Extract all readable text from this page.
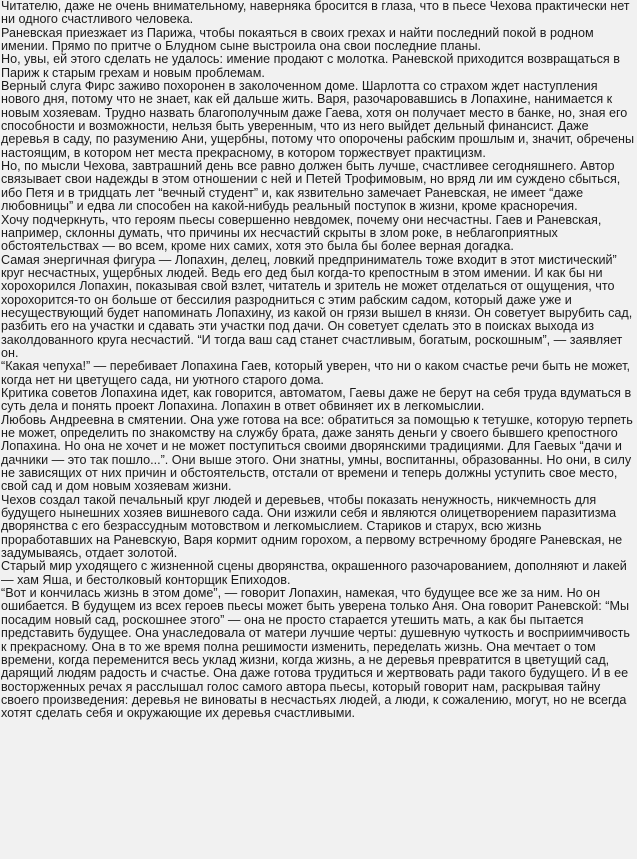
Читателю, даже не очень внимательному, наверняка бросится в глаза, что в пьесе Чехова практически нет ни одного счастливого человека.

Раневская приезжает из Парижа, чтобы покаяться в своих грехах и найти последний покой в родном имении. Прямо по притче о Блудном сыне выстроила она свои последние планы.

Но, увы, ей этого сделать не удалось: имение продают с молотка. Раневской приходится возвращаться в Париж к старым грехам и новым проблемам.

Верный слуга Фирс заживо похоронен в заколоченном доме. Шарлотта со страхом ждет наступления нового дня, потому что не знает, как ей дальше жить. Варя, разочаровавшись в Лопахине, нанимается к новым хозяевам. Трудно назвать благополучным даже Гаева, хотя он получает место в банке, но, зная его способности и возможности, нельзя быть уверенным, что из него выйдет дельный финансист. Даже деревья в саду, по разумению Ани, ущербны, потому что опорочены рабским прошлым и, значит, обречены настоящим, в котором нет места прекрасному, в котором торжествует практицизм.

Но, по мысли Чехова, завтрашний день все равно должен быть лучше, счастливее сегодняшнего. Автор связывает свои надежды в этом отношении с ней и Петей Трофимовым, но вряд ли им суждено сбыться, ибо Петя и в тридцать лет “вечный студент” и, как язвительно замечает Раневская, не имеет “даже любовницы” и едва ли способен на какой-нибудь реальный поступок в жизни, кроме красноречия.

Хочу подчеркнуть, что героям пьесы совершенно невдомек, почему они несчастны. Гаев и Раневская, например, склонны думать, что причины их несчастий скрыты в злом роке, в неблагоприятных обстоятельствах — во всем, кроме них самих, хотя это была бы более верная догадка.

Самая энергичная фигура — Лопахин, делец, ловкий предприниматель тоже входит в этот мистический” круг несчастных, ущербных людей. Ведь его дед был когда-то крепостным в этом имении. И как бы ни хорохорился Лопахин, показывая свой взлет, читатель и зритель не может отделаться от ощущения, что хорохорится-то он больше от бессилия разродниться с этим рабским садом, который даже уже и несуществующий будет напоминать Лопахину, из какой он грязи вышел в князи. Он советует вырубить сад, разбить его на участки и сдавать эти участки под дачи. Он советует сделать это в поисках выхода из заколдованного круга несчастий. “И тогда ваш сад станет счастливым, богатым, роскошным”, — заявляет он.

“Какая чепуха!” — перебивает Лопахина Гаев, который уверен, что ни о каком счастье речи быть не может, когда нет ни цветущего сада, ни уютного старого дома.

Критика советов Лопахина идет, как говорится, автоматом, Гаевы даже не берут на себя труда вдуматься в суть дела и понять проект Лопахина. Лопахин в ответ обвиняет их в легкомыслии.

Любовь Андреевна в смятении. Она уже готова на все: обратиться за помощью к тетушке, которую терпеть не может, определить по знакомству на службу брата, даже занять деньги у своего бывшего крепостного Лопахина. Но она не хочет и не может поступиться своими дворянскими традициями. Для Гаевых “дачи и дачники — это так пошло...”. Они выше этого. Они знатны, умны, воспитанны, образованны. Но они, в силу не зависящих от них причин и обстоятельств, отстали от времени и теперь должны уступить свое место, свой сад и дом новым хозяевам жизни.

Чехов создал такой печальный круг людей и деревьев, чтобы показать ненужность, никчемность для будущего нынешних хозяев вишневого сада. Они изжили себя и являются олицетворением паразитизма дворянства с его безрассудным мотовством и легкомыслием. Стариков и старух, всю жизнь проработавших на Раневскую, Варя кормит одним горохом, а первому встречному бродяге Раневская, не задумываясь, отдает золотой.

Старый мир уходящего с жизненной сцены дворянства, окрашенного разочарованием, дополняют и лакей — хам Яша, и бестолковый конторщик Епиходов.

“Вот и кончилась жизнь в этом доме”, — говорит Лопахин, намекая, что будущее все же за ним. Но он ошибается. В будущем из всех героев пьесы может быть уверена только Аня. Она говорит Раневской: “Мы посадим новый сад, роскошнее этого” — она не просто старается утешить мать, а как бы пытается представить будущее. Она унаследовала от матери лучшие черты: душевную чуткость и восприимчивость к прекрасному. Она в то же время полна решимости изменить, переделать жизнь. Она мечтает о том времени, когда переменится весь уклад жизни, когда жизнь, а не деревья превратится в цветущий сад, дарящий людям радость и счастье. Она даже готова трудиться и жертвовать ради такого будущего. И в ее восторженных речах я расслышал голос самого автора пьесы, который говорит нам, раскрывая тайну своего произведения: деревья не виноваты в несчастьях людей, а люди, к сожалению, могут, но не всегда хотят сделать себя и окружающие их деревья счастливыми.
